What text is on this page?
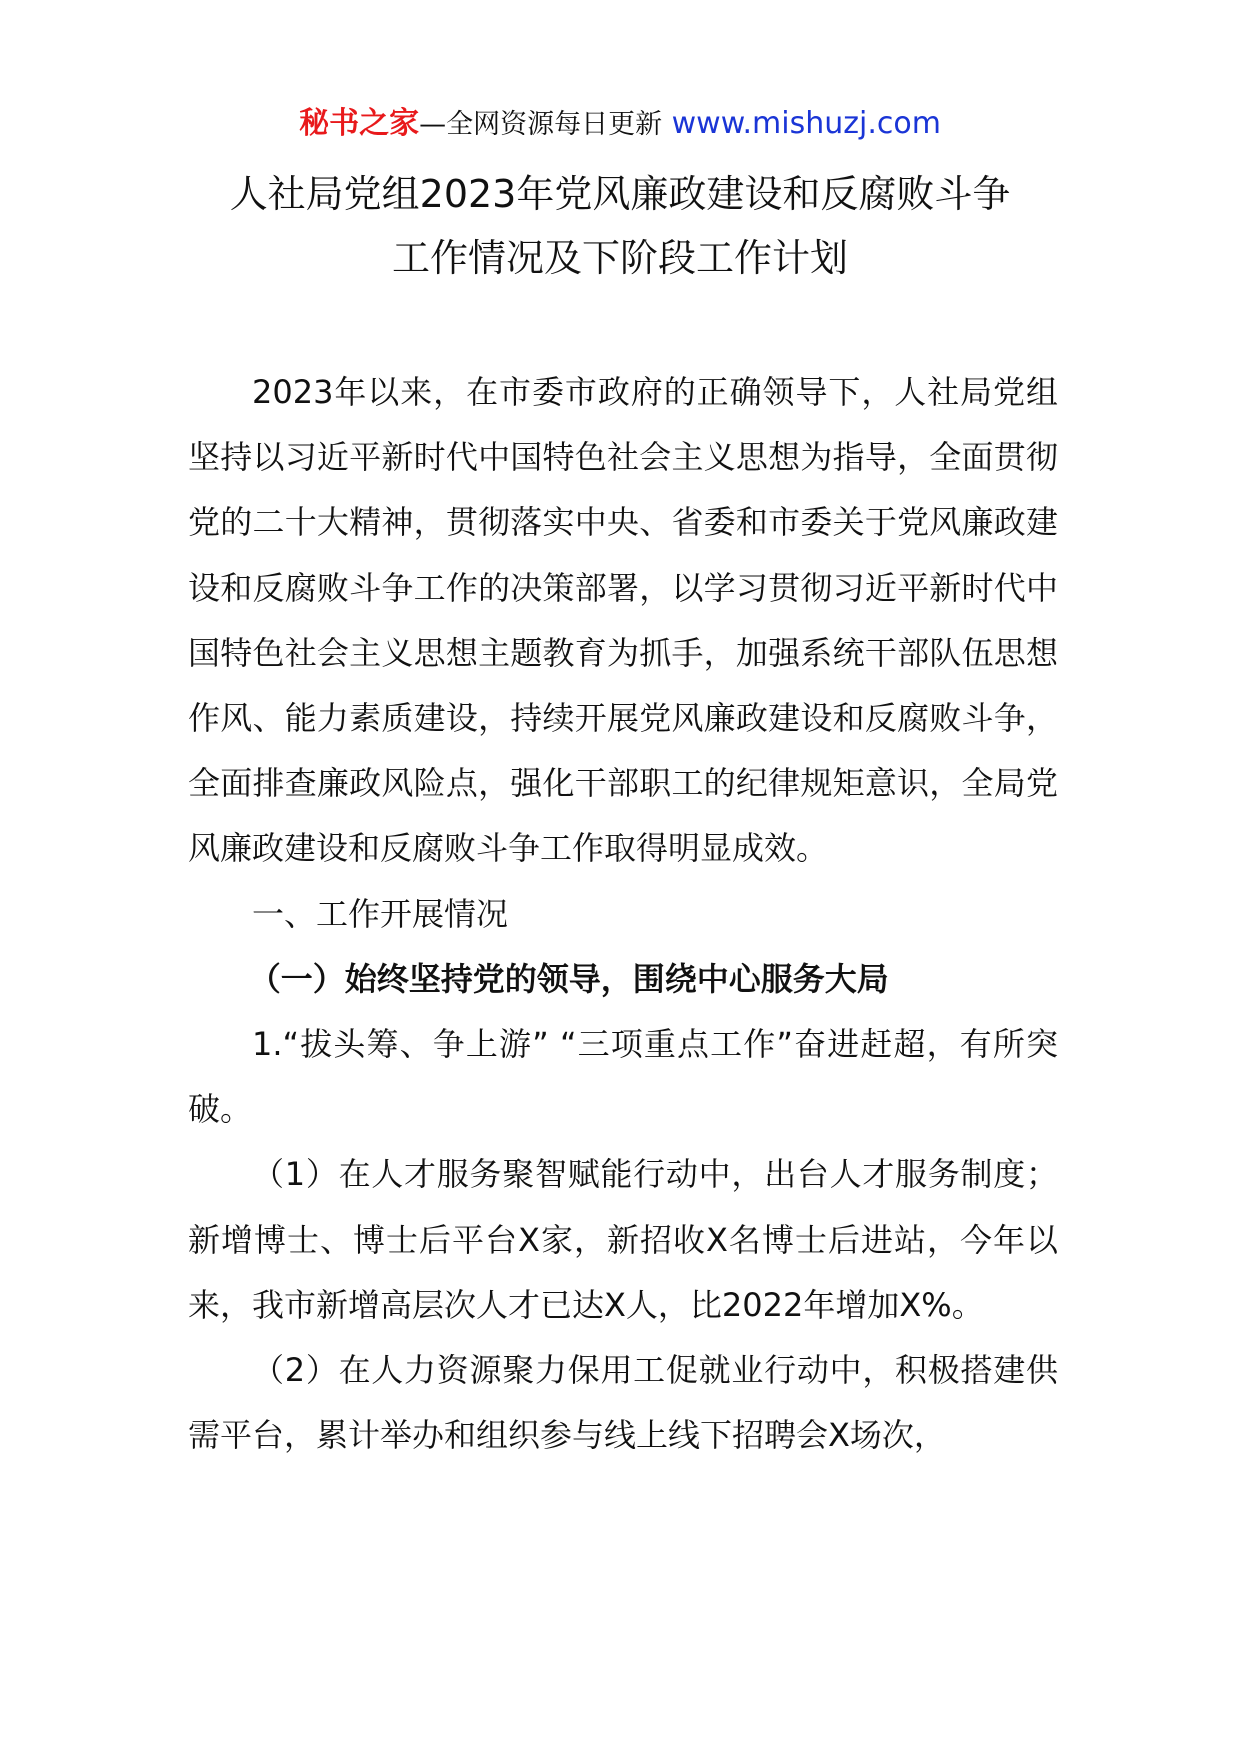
秘书之家—全网资源每日更新 www.mishuzj.com
人社局党组2023年党风廉政建设和反腐败斗争
工作情况及下阶段工作计划

2023年以来，在市委市政府的正确领导下，人社局党组坚持以习近平新时代中国特色社会主义思想为指导，全面贯彻党的二十大精神，贯彻落实中央、省委和市委关于党风廉政建设和反腐败斗争工作的决策部署，以学习贯彻习近平新时代中国特色社会主义思想主题教育为抓手，加强系统干部队伍思想作风、能力素质建设，持续开展党风廉政建设和反腐败斗争，全面排查廉政风险点，强化干部职工的纪律规矩意识，全局党风廉政建设和反腐败斗争工作取得明显成效。

一、工作开展情况

（一）始终坚持党的领导，围绕中心服务大局

1.“拔头筹、争上游” “三项重点工作”奋进赶超，有所突破。

（1）在人才服务聚智赋能行动中，出台人才服务制度；新增博士、博士后平台X家，新招收X名博士后进站，今年以来，我市新增高层次人才已达X人，比2022年增加X%。

（2）在人力资源聚力保用工促就业行动中，积极搭建供需平台，累计举办和组织参与线上线下招聘会X场次，
